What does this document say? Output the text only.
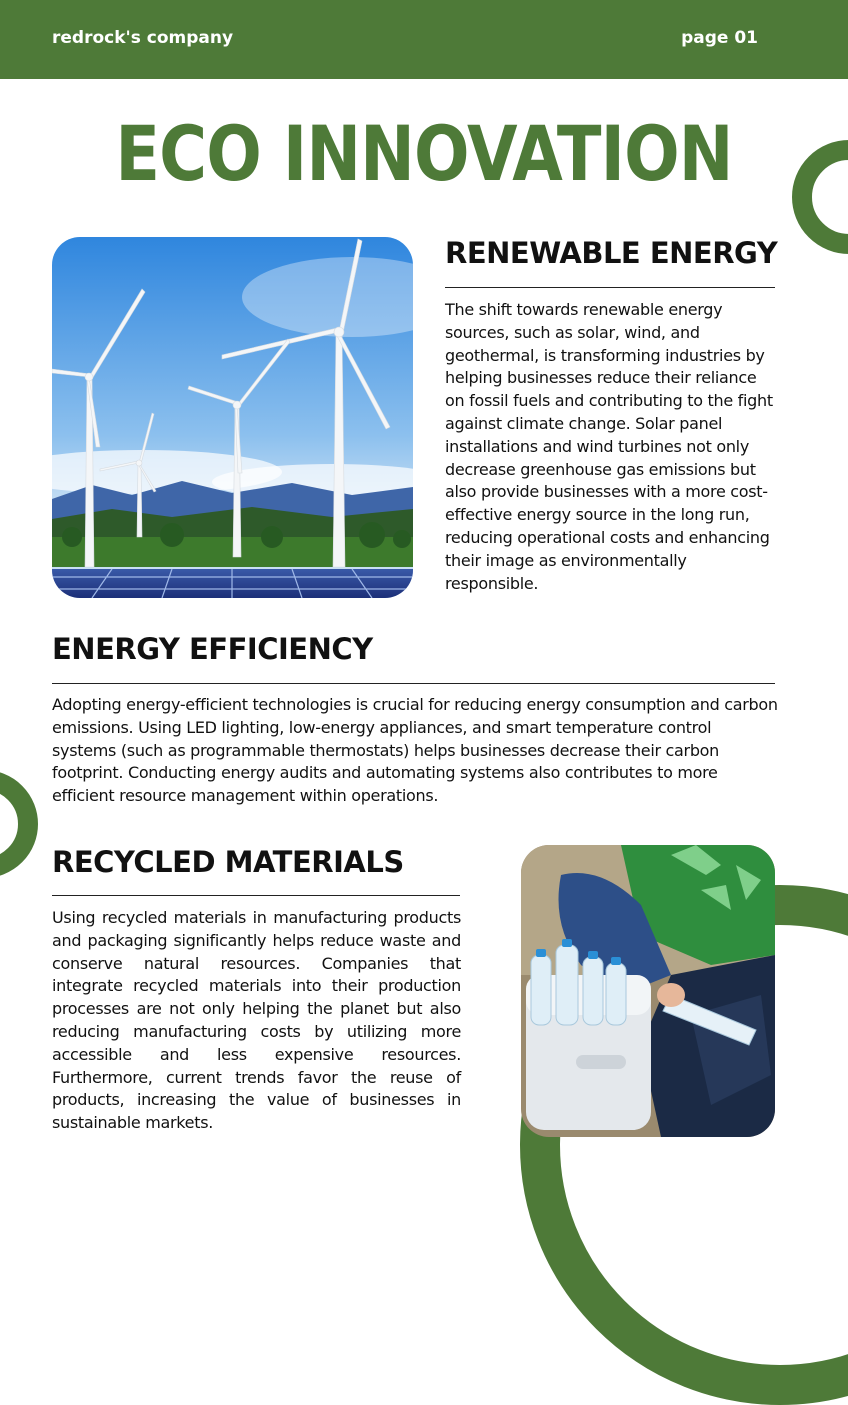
redrock's company	page 01
ECO INNOVATION
RENEWABLE ENERGY
The shift towards renewable energy sources, such as solar, wind, and geothermal, is transforming industries by helping businesses reduce their reliance on fossil fuels and contributing to the fight against climate change. Solar panel installations and wind turbines not only decrease greenhouse gas emissions but also provide businesses with a more cost-effective energy source in the long run, reducing operational costs and enhancing their image as environmentally responsible.
ENERGY EFFICIENCY
Adopting energy-efficient technologies is crucial for reducing energy consumption and carbon emissions. Using LED lighting, low-energy appliances, and smart temperature control systems (such as programmable thermostats) helps businesses decrease their carbon footprint. Conducting energy audits and automating systems also contributes to more efficient resource management within operations.
RECYCLED MATERIALS
Using recycled materials in manufacturing products and packaging significantly helps reduce waste and conserve natural resources. Companies that integrate recycled materials into their production processes are not only helping the planet but also reducing manufacturing costs by utilizing more accessible and less expensive resources. Furthermore, current trends favor the reuse of products, increasing the value of businesses in sustainable markets.
